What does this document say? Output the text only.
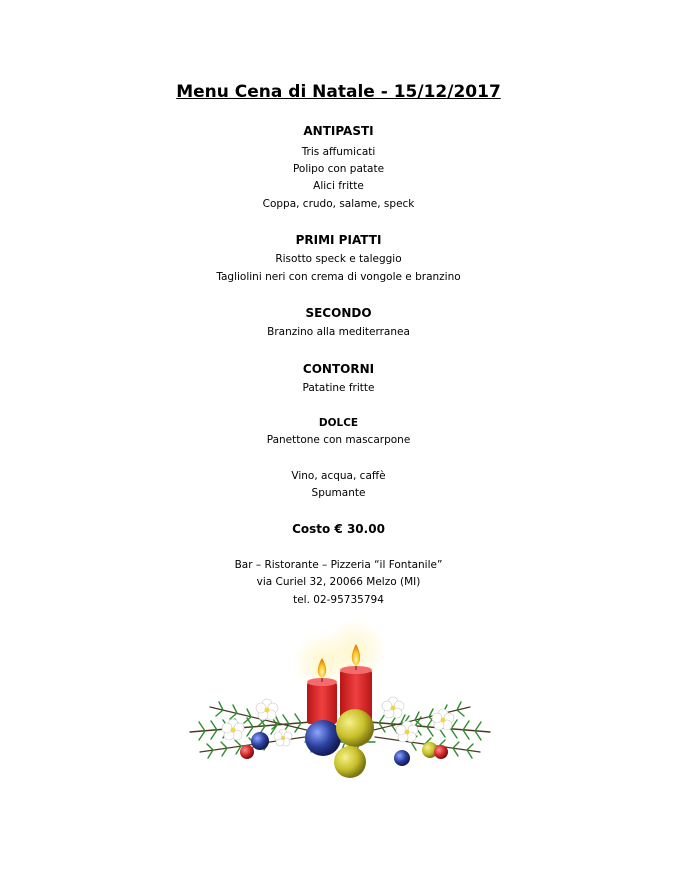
Menu Cena di Natale - 15/12/2017
ANTIPASTI
Tris affumicati
Polipo con patate
Alici fritte
Coppa, crudo, salame, speck
PRIMI PIATTI
Risotto speck e taleggio
Tagliolini neri con crema di vongole e branzino
SECONDO
Branzino alla mediterranea
CONTORNI
Patatine fritte
DOLCE
Panettone con mascarpone
Vino, acqua, caffè
Spumante
Costo € 30.00
Bar – Ristorante – Pizzeria “il Fontanile”
via Curiel 32, 20066 Melzo (MI)
tel. 02-95735794
